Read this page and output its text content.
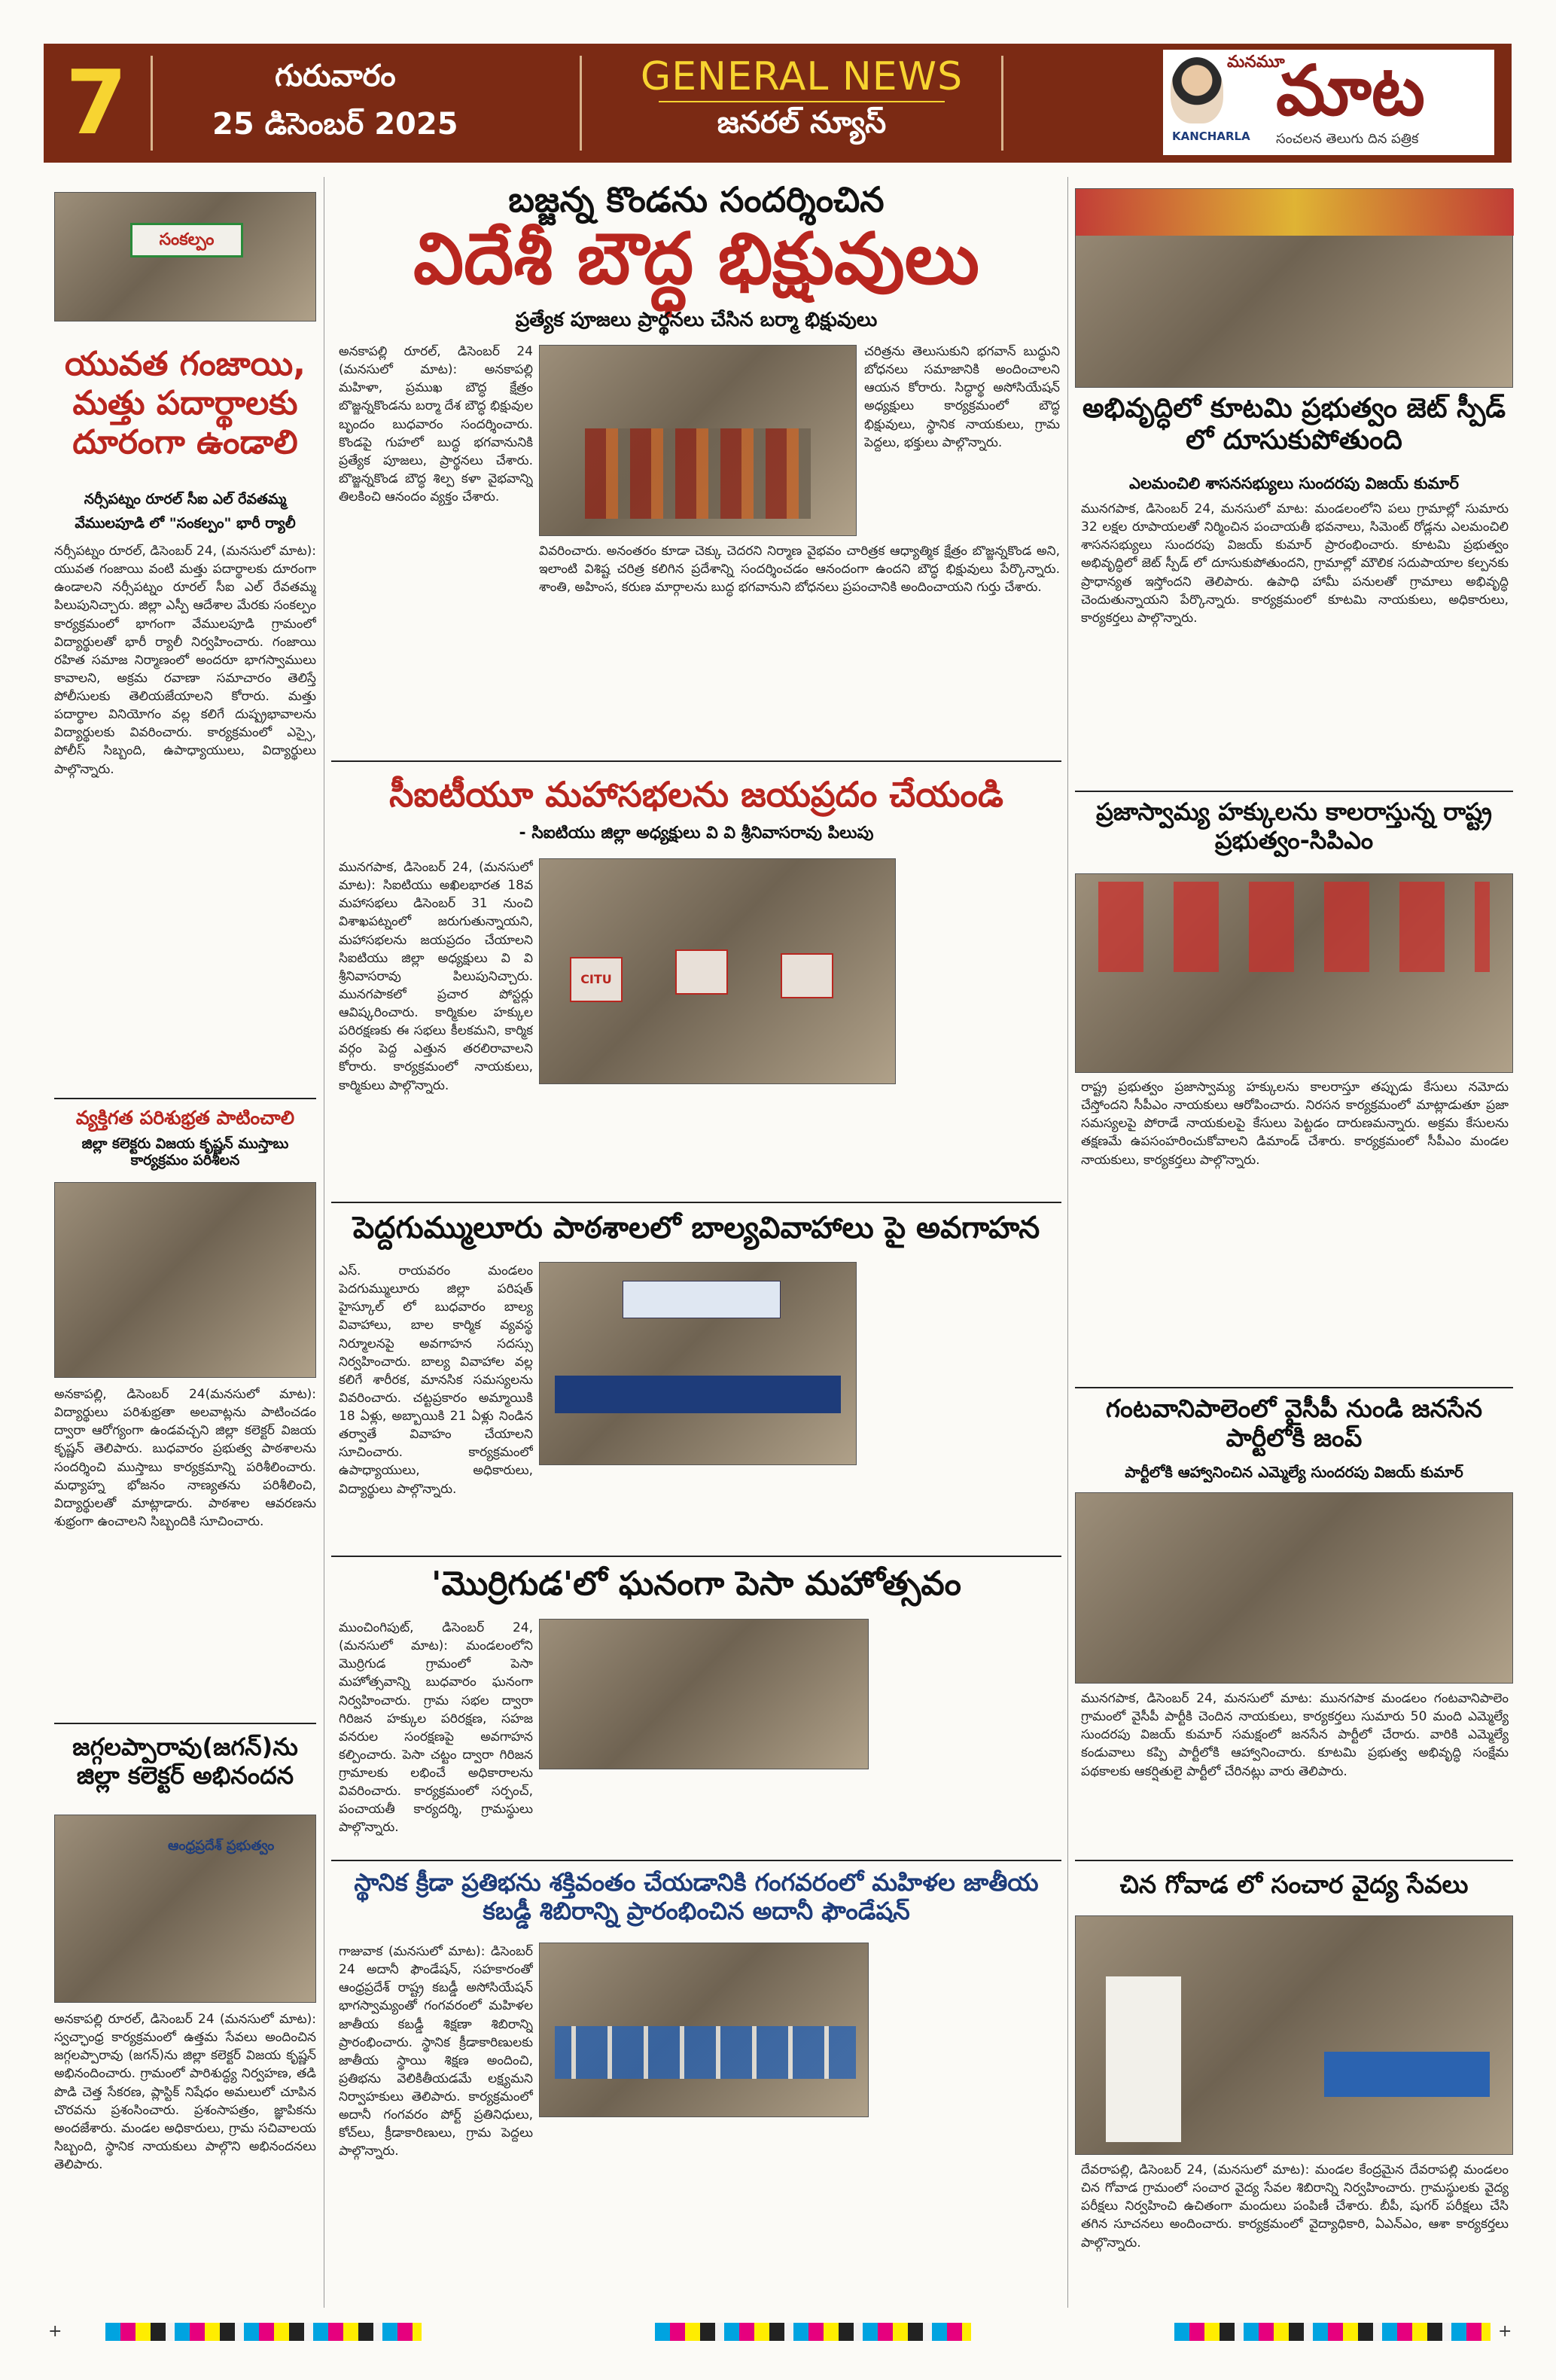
7	గురువారం
25 డిసెంబర్ 2025
GENERAL NEWS
జనరల్ న్యూస్
మనమూ
మాట
KANCHARLA సంచలన తెలుగు దిన పత్రిక
సంకల్పం
యువత గంజాయి, మత్తు పదార్థాలకు దూరంగా ఉండాలి
నర్సీపట్నం రూరల్ సీఐ ఎల్ రేవతమ్మ
వేములపూడి లో "సంకల్పం" భారీ ర్యాలీ
నర్సీపట్నం రూరల్, డిసెంబర్ 24, (మనసులో మాట): యువత గంజాయి వంటి మత్తు పదార్థాలకు దూరంగా ఉండాలని నర్సీపట్నం రూరల్ సీఐ ఎల్ రేవతమ్మ పిలుపునిచ్చారు. జిల్లా ఎస్పీ ఆదేశాల మేరకు సంకల్పం కార్యక్రమంలో భాగంగా వేములపూడి గ్రామంలో విద్యార్థులతో భారీ ర్యాలీ నిర్వహించారు. గంజాయి రహిత సమాజ నిర్మాణంలో అందరూ భాగస్వాములు కావాలని, అక్రమ రవాణా సమాచారం తెలిస్తే పోలీసులకు తెలియజేయాలని కోరారు. మత్తు పదార్థాల వినియోగం వల్ల కలిగే దుష్ప్రభావాలను విద్యార్థులకు వివరించారు. కార్యక్రమంలో ఎస్సై, పోలీస్ సిబ్బంది, ఉపాధ్యాయులు, విద్యార్థులు పాల్గొన్నారు.
వ్యక్తిగత పరిశుభ్రత పాటించాలి
జిల్లా కలెక్టరు విజయ కృష్ణన్ ముస్తాబు కార్యక్రమం పరిశీలన
అనకాపల్లి, డిసెంబర్ 24(మనసులో మాట): విద్యార్థులు పరిశుభ్రతా అలవాట్లను పాటించడం ద్వారా ఆరోగ్యంగా ఉండవచ్చని జిల్లా కలెక్టర్ విజయ కృష్ణన్ తెలిపారు. బుధవారం ప్రభుత్వ పాఠశాలను సందర్శించి ముస్తాబు కార్యక్రమాన్ని పరిశీలించారు. మధ్యాహ్న భోజనం నాణ్యతను పరిశీలించి, విద్యార్థులతో మాట్లాడారు. పాఠశాల ఆవరణను శుభ్రంగా ఉంచాలని సిబ్బందికి సూచించారు.
జగ్గలప్పారావు(జగన్)ను జిల్లా కలెక్టర్ అభినందన
ఆంధ్రప్రదేశ్ ప్రభుత్వం
అనకాపల్లి రూరల్, డిసెంబర్ 24 (మనసులో మాట): స్వచ్ఛాంధ్ర కార్యక్రమంలో ఉత్తమ సేవలు అందించిన జగ్గలప్పారావు (జగన్)ను జిల్లా కలెక్టర్ విజయ కృష్ణన్ అభినందించారు. గ్రామంలో పారిశుద్ధ్య నిర్వహణ, తడి పొడి చెత్త సేకరణ, ప్లాస్టిక్ నిషేధం అమలులో చూపిన చొరవను ప్రశంసించారు. ప్రశంసాపత్రం, జ్ఞాపికను అందజేశారు. మండల అధికారులు, గ్రామ సచివాలయ సిబ్బంది, స్థానిక నాయకులు పాల్గొని అభినందనలు తెలిపారు.
బజ్జన్న కొండను సందర్శించిన
విదేశీ బౌద్ధ భిక్షువులు
ప్రత్యేక పూజలు ప్రార్థనలు చేసిన బర్మా భిక్షువులు
అనకాపల్లి రూరల్, డిసెంబర్ 24 (మనసులో మాట): అనకాపల్లి మహిళా, ప్రముఖ బౌద్ధ క్షేత్రం బొజ్జన్నకొండను బర్మా దేశ బౌద్ధ భిక్షువుల బృందం బుధవారం సందర్శించారు. కొండపై గుహలో బుద్ధ భగవానునికి ప్రత్యేక పూజలు, ప్రార్థనలు చేశారు. బొజ్జన్నకొండ బౌద్ధ శిల్ప కళా వైభవాన్ని తిలకించి ఆనందం వ్యక్తం చేశారు.
చరిత్రను తెలుసుకుని భగవాన్ బుద్ధుని బోధనలు సమాజానికి అందించాలని ఆయన కోరారు. సిద్ధార్థ అసోసియేషన్ అధ్యక్షులు కార్యక్రమంలో బౌద్ధ భిక్షువులు, స్థానిక నాయకులు, గ్రామ పెద్దలు, భక్తులు పాల్గొన్నారు.
వివరించారు. అనంతరం కూడా చెక్కు చెదరని నిర్మాణ వైభవం చారిత్రక ఆధ్యాత్మిక క్షేత్రం బొజ్జన్నకొండ అని, ఇలాంటి విశిష్ట చరిత్ర కలిగిన ప్రదేశాన్ని సందర్శించడం ఆనందంగా ఉందని బౌద్ధ భిక్షువులు పేర్కొన్నారు. శాంతి, అహింస, కరుణ మార్గాలను బుద్ధ భగవానుని బోధనలు ప్రపంచానికి అందించాయని గుర్తు చేశారు.
సీఐటీయూ మహాసభలను జయప్రదం చేయండి
- సిఐటియు జిల్లా అధ్యక్షులు వి వి శ్రీనివాసరావు పిలుపు
మునగపాక, డిసెంబర్ 24, (మనసులో మాట): సిఐటియు అఖిలభారత 18వ మహాసభలు డిసెంబర్ 31 నుంచి విశాఖపట్నంలో జరుగుతున్నాయని, మహాసభలను జయప్రదం చేయాలని సిఐటియు జిల్లా అధ్యక్షులు వి వి శ్రీనివాసరావు పిలుపునిచ్చారు. మునగపాకలో ప్రచార పోస్టర్లు ఆవిష్కరించారు. కార్మికుల హక్కుల పరిరక్షణకు ఈ సభలు కీలకమని, కార్మిక వర్గం పెద్ద ఎత్తున తరలిరావాలని కోరారు. కార్యక్రమంలో నాయకులు, కార్మికులు పాల్గొన్నారు.
CITU
పెద్దగుమ్ములూరు పాఠశాలలో బాల్యవివాహాలు పై అవగాహన
ఎస్. రాయవరం మండలం పెదగుమ్ములూరు జిల్లా పరిషత్ హైస్కూల్ లో బుధవారం బాల్య వివాహాలు, బాల కార్మిక వ్యవస్థ నిర్మూలనపై అవగాహన సదస్సు నిర్వహించారు. బాల్య వివాహాల వల్ల కలిగే శారీరక, మానసిక సమస్యలను వివరించారు. చట్టప్రకారం అమ్మాయికి 18 ఏళ్లు, అబ్బాయికి 21 ఏళ్లు నిండిన తర్వాతే వివాహం చేయాలని సూచించారు. కార్యక్రమంలో ఉపాధ్యాయులు, అధికారులు, విద్యార్థులు పాల్గొన్నారు.
'మొర్రిగుడ'లో ఘనంగా పెసా మహోత్సవం
ముంచింగిపుట్, డిసెంబర్ 24, (మనసులో మాట): మండలంలోని మొర్రిగుడ గ్రామంలో పెసా మహోత్సవాన్ని బుధవారం ఘనంగా నిర్వహించారు. గ్రామ సభల ద్వారా గిరిజన హక్కుల పరిరక్షణ, సహజ వనరుల సంరక్షణపై అవగాహన కల్పించారు. పెసా చట్టం ద్వారా గిరిజన గ్రామాలకు లభించే అధికారాలను వివరించారు. కార్యక్రమంలో సర్పంచ్, పంచాయతీ కార్యదర్శి, గ్రామస్థులు పాల్గొన్నారు.
స్థానిక క్రీడా ప్రతిభను శక్తివంతం చేయడానికి గంగవరంలో మహిళల జాతీయ కబడ్డీ శిబిరాన్ని ప్రారంభించిన అదానీ ఫౌండేషన్
గాజువాక (మనసులో మాట): డిసెంబర్ 24 అదానీ ఫౌండేషన్, సహకారంతో ఆంధ్రప్రదేశ్ రాష్ట్ర కబడ్డీ అసోసియేషన్ భాగస్వామ్యంతో గంగవరంలో మహిళల జాతీయ కబడ్డీ శిక్షణా శిబిరాన్ని ప్రారంభించారు. స్థానిక క్రీడాకారిణులకు జాతీయ స్థాయి శిక్షణ అందించి, ప్రతిభను వెలికితీయడమే లక్ష్యమని నిర్వాహకులు తెలిపారు. కార్యక్రమంలో అదానీ గంగవరం పోర్ట్ ప్రతినిధులు, కోచ్‌లు, క్రీడాకారిణులు, గ్రామ పెద్దలు పాల్గొన్నారు.
అభివృద్ధిలో కూటమి ప్రభుత్వం జెట్ స్పీడ్ లో దూసుకుపోతుంది
ఎలమంచిలి శాసనసభ్యులు సుందరపు విజయ్ కుమార్
మునగపాక, డిసెంబర్ 24, మనసులో మాట: మండలంలోని పలు గ్రామాల్లో సుమారు 32 లక్షల రూపాయలతో నిర్మించిన పంచాయతీ భవనాలు, సిమెంట్ రోడ్లను ఎలమంచిలి శాసనసభ్యులు సుందరపు విజయ్ కుమార్ ప్రారంభించారు. కూటమి ప్రభుత్వం అభివృద్ధిలో జెట్ స్పీడ్ లో దూసుకుపోతుందని, గ్రామాల్లో మౌలిక సదుపాయాల కల్పనకు ప్రాధాన్యత ఇస్తోందని తెలిపారు. ఉపాధి హామీ పనులతో గ్రామాలు అభివృద్ధి చెందుతున్నాయని పేర్కొన్నారు. కార్యక్రమంలో కూటమి నాయకులు, అధికారులు, కార్యకర్తలు పాల్గొన్నారు.
ప్రజాస్వామ్య హక్కులను కాలరాస్తున్న రాష్ట్ర ప్రభుత్వం-సిపిఎం
రాష్ట్ర ప్రభుత్వం ప్రజాస్వామ్య హక్కులను కాలరాస్తూ తప్పుడు కేసులు నమోదు చేస్తోందని సీపీఎం నాయకులు ఆరోపించారు. నిరసన కార్యక్రమంలో మాట్లాడుతూ ప్రజా సమస్యలపై పోరాడే నాయకులపై కేసులు పెట్టడం దారుణమన్నారు. అక్రమ కేసులను తక్షణమే ఉపసంహరించుకోవాలని డిమాండ్ చేశారు. కార్యక్రమంలో సీపీఎం మండల నాయకులు, కార్యకర్తలు పాల్గొన్నారు.
గంటవానిపాలెంలో వైసీపీ నుండి జనసేన పార్టీలోకి జంప్
పార్టీలోకి ఆహ్వానించిన ఎమ్మెల్యే సుందరపు విజయ్ కుమార్
మునగపాక, డిసెంబర్ 24, మనసులో మాట: మునగపాక మండలం గంటవానిపాలెం గ్రామంలో వైసీపీ పార్టీకి చెందిన నాయకులు, కార్యకర్తలు సుమారు 50 మంది ఎమ్మెల్యే సుందరపు విజయ్ కుమార్ సమక్షంలో జనసేన పార్టీలో చేరారు. వారికి ఎమ్మెల్యే కండువాలు కప్పి పార్టీలోకి ఆహ్వానించారు. కూటమి ప్రభుత్వ అభివృద్ధి సంక్షేమ పథకాలకు ఆకర్షితులై పార్టీలో చేరినట్లు వారు తెలిపారు.
చిన గోవాడ లో సంచార వైద్య సేవలు
దేవరాపల్లి, డిసెంబర్ 24, (మనసులో మాట): మండల కేంద్రమైన దేవరాపల్లి మండలం చిన గోవాడ గ్రామంలో సంచార వైద్య సేవల శిబిరాన్ని నిర్వహించారు. గ్రామస్థులకు వైద్య పరీక్షలు నిర్వహించి ఉచితంగా మందులు పంపిణీ చేశారు. బీపీ, షుగర్ పరీక్షలు చేసి తగిన సూచనలు అందించారు. కార్యక్రమంలో వైద్యాధికారి, ఏఎన్ఎం, ఆశా కార్యకర్తలు పాల్గొన్నారు.
+	+
